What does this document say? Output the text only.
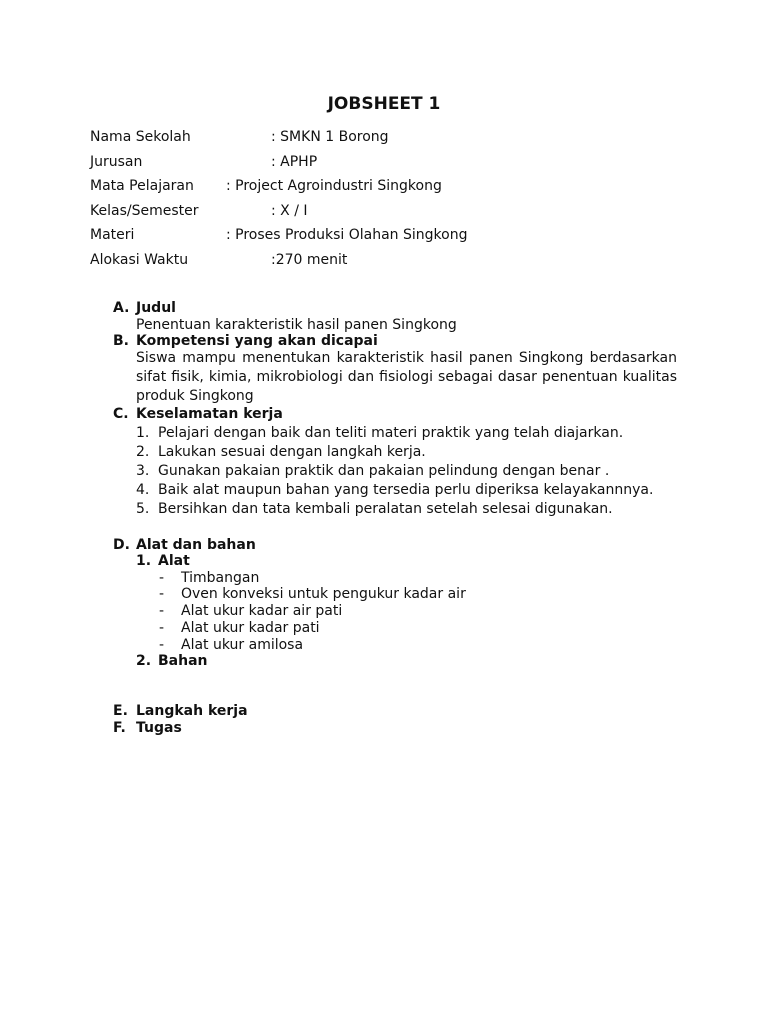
JOBSHEET 1
Nama Sekolah	: SMKN 1 Borong
Jurusan	: APHP
Mata Pelajaran : Project Agroindustri Singkong
Kelas/Semester	: X / I
Materi	: Proses Produksi Olahan Singkong
Alokasi Waktu	:270 menit
A. Judul
Penentuan karakteristik hasil panen Singkong
B. Kompetensi yang akan dicapai
Siswa mampu menentukan karakteristik hasil panen Singkong berdasarkan sifat fisik, kimia, mikrobiologi dan fisiologi sebagai dasar penentuan kualitas produk Singkong
C. Keselamatan kerja
1. Pelajari dengan baik dan teliti materi praktik yang telah diajarkan.
2. Lakukan sesuai dengan langkah kerja.
3. Gunakan pakaian praktik dan pakaian pelindung dengan benar .
4. Baik alat maupun bahan yang tersedia perlu diperiksa kelayakannnya.
5. Bersihkan dan tata kembali peralatan setelah selesai digunakan.
D. Alat dan bahan
1. Alat
- Timbangan
- Oven konveksi untuk pengukur kadar air
- Alat ukur kadar air pati
- Alat ukur kadar pati
- Alat ukur amilosa
2. Bahan
E. Langkah kerja
F. Tugas
